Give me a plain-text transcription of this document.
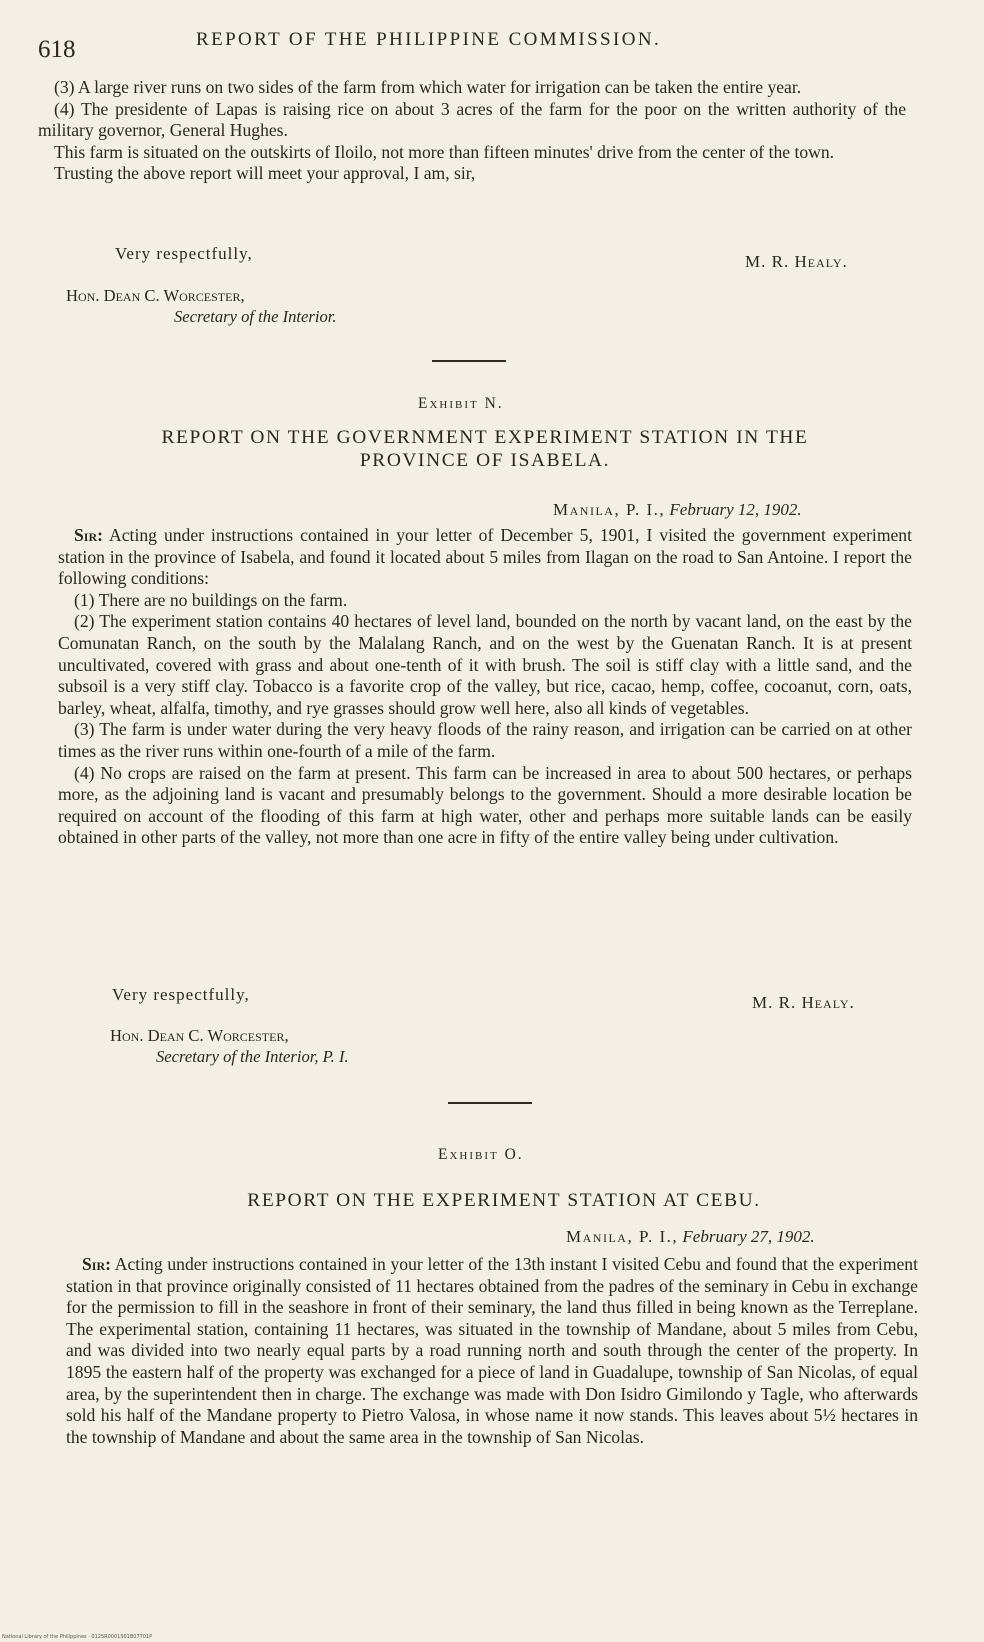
618	REPORT OF THE PHILIPPINE COMMISSION.

(3) A large river runs on two sides of the farm from which water for irrigation can be taken the entire year.

(4) The presidente of Lapas is raising rice on about 3 acres of the farm for the poor on the written authority of the military governor, General Hughes.

This farm is situated on the outskirts of Iloilo, not more than fifteen minutes' drive from the center of the town.

Trusting the above report will meet your approval, I am, sir,

Very respectfully,	M. R. Healy.
Hon. Dean C. Worcester,
Secretary of the Interior.
Exhibit N.
REPORT ON THE GOVERNMENT EXPERIMENT STATION IN THE
PROVINCE OF ISABELA.
Manila, P. I., February 12, 1902.

Sir: Acting under instructions contained in your letter of December 5, 1901, I visited the government experiment station in the province of Isabela, and found it located about 5 miles from Ilagan on the road to San Antoine. I report the following conditions:

(1) There are no buildings on the farm.

(2) The experiment station contains 40 hectares of level land, bounded on the north by vacant land, on the east by the Comunatan Ranch, on the south by the Malalang Ranch, and on the west by the Guenatan Ranch. It is at present uncultivated, covered with grass and about one-tenth of it with brush. The soil is stiff clay with a little sand, and the subsoil is a very stiff clay. Tobacco is a favorite crop of the valley, but rice, cacao, hemp, coffee, cocoanut, corn, oats, barley, wheat, alfalfa, timothy, and rye grasses should grow well here, also all kinds of vegetables.

(3) The farm is under water during the very heavy floods of the rainy reason, and irrigation can be carried on at other times as the river runs within one-fourth of a mile of the farm.

(4) No crops are raised on the farm at present. This farm can be increased in area to about 500 hectares, or perhaps more, as the adjoining land is vacant and presumably belongs to the government. Should a more desirable location be required on account of the flooding of this farm at high water, other and perhaps more suitable lands can be easily obtained in other parts of the valley, not more than one acre in fifty of the entire valley being under cultivation.

Very respectfully,	M. R. Healy.
Hon. Dean C. Worcester,
Secretary of the Interior, P. I.
Exhibit O.
REPORT ON THE EXPERIMENT STATION AT CEBU.
Manila, P. I., February 27, 1902.

Sir: Acting under instructions contained in your letter of the 13th instant I visited Cebu and found that the experiment station in that province originally consisted of 11 hectares obtained from the padres of the seminary in Cebu in exchange for the permission to fill in the seashore in front of their seminary, the land thus filled in being known as the Terreplane. The experimental station, containing 11 hectares, was situated in the township of Mandane, about 5 miles from Cebu, and was divided into two nearly equal parts by a road running north and south through the center of the property. In 1895 the eastern half of the property was exchanged for a piece of land in Guadalupe, township of San Nicolas, of equal area, by the superintendent then in charge. The exchange was made with Don Isidro Gimilondo y Tagle, who afterwards sold his half of the Mandane property to Pietro Valosa, in whose name it now stands. This leaves about 5½ hectares in the township of Mandane and about the same area in the township of San Nicolas.

National Library of the Philippines · 0125R0001S01B07T01P
